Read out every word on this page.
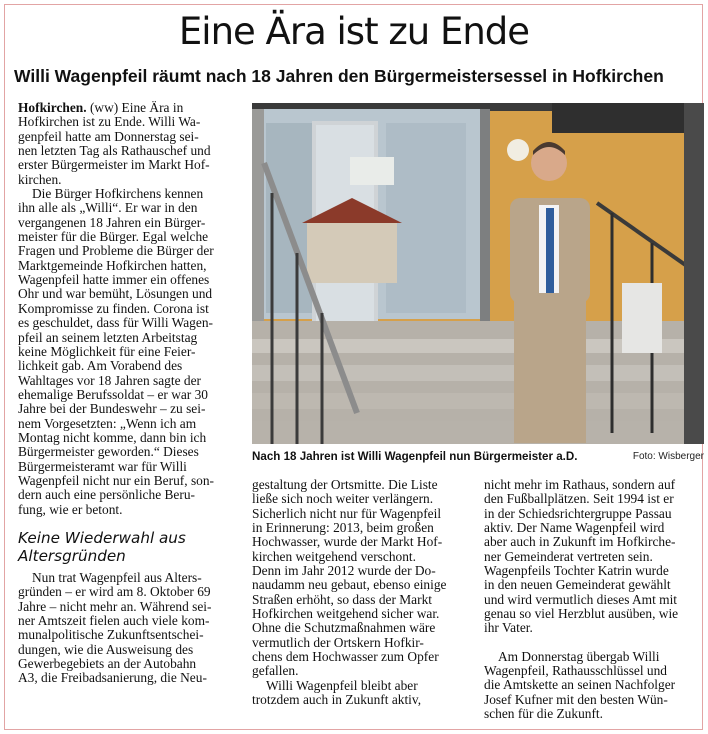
Eine Ära ist zu Ende
Willi Wagenpfeil räumt nach 18 Jahren den Bürgermeistersessel in Hofkirchen

Hofkirchen. (ww) Eine Ära in
Hofkirchen ist zu Ende. Willi Wa-
genpfeil hatte am Donnerstag sei-
nen letzten Tag als Rathauschef und
erster Bürgermeister im Markt Hof-
kirchen.

Die Bürger Hofkirchens kennen
ihn alle als „Willi“. Er war in den
vergangenen 18 Jahren ein Bürger-
meister für die Bürger. Egal welche
Fragen und Probleme die Bürger der
Marktgemeinde Hofkirchen hatten,
Wagenpfeil hatte immer ein offenes
Ohr und war bemüht, Lösungen und
Kompromisse zu finden. Corona ist
es geschuldet, dass für Willi Wagen-
pfeil an seinem letzten Arbeitstag
keine Möglichkeit für eine Feier-
lichkeit gab. Am Vorabend des
Wahltages vor 18 Jahren sagte der
ehemalige Berufssoldat – er war 30
Jahre bei der Bundeswehr – zu sei-
nem Vorgesetzten: „Wenn ich am
Montag nicht komme, dann bin ich
Bürgermeister geworden.“ Dieses
Bürgermeisteramt war für Willi
Wagenpfeil nicht nur ein Beruf, son-
dern auch eine persönliche Beru-
fung, wie er betont.

Keine Wiederwahl aus Altersgründen

Nun trat Wagenpfeil aus Alters-
gründen – er wird am 8. Oktober 69
Jahre – nicht mehr an. Während sei-
ner Amtszeit fielen auch viele kom-
munalpolitische Zukunftsentschei-
dungen, wie die Ausweisung des
Gewerbegebiets an der Autobahn
A3, die Freibadsanierung, die Neu-

Nach 18 Jahren ist Willi Wagenpfeil nun Bürgermeister a.D.	Foto: Wisberger

gestaltung der Ortsmitte. Die Liste
ließe sich noch weiter verlängern.
Sicherlich nicht nur für Wagenpfeil
in Erinnerung: 2013, beim großen
Hochwasser, wurde der Markt Hof-
kirchen weitgehend verschont.
Denn im Jahr 2012 wurde der Do-
naudamm neu gebaut, ebenso einige
Straßen erhöht, so dass der Markt
Hofkirchen weitgehend sicher war.
Ohne die Schutzmaßnahmen wäre
vermutlich der Ortskern Hofkir-
chens dem Hochwasser zum Opfer
gefallen.

Willi Wagenpfeil bleibt aber
trotzdem auch in Zukunft aktiv,

nicht mehr im Rathaus, sondern auf
den Fußballplätzen. Seit 1994 ist er
in der Schiedsrichtergruppe Passau
aktiv. Der Name Wagenpfeil wird
aber auch in Zukunft im Hofkirche-
ner Gemeinderat vertreten sein.
Wagenpfeils Tochter Katrin wurde
in den neuen Gemeinderat gewählt
und wird vermutlich dieses Amt mit
genau so viel Herzblut ausüben, wie
ihr Vater.

Am Donnerstag übergab Willi
Wagenpfeil, Rathausschlüssel und
die Amtskette an seinen Nachfolger
Josef Kufner mit den besten Wün-
schen für die Zukunft.
